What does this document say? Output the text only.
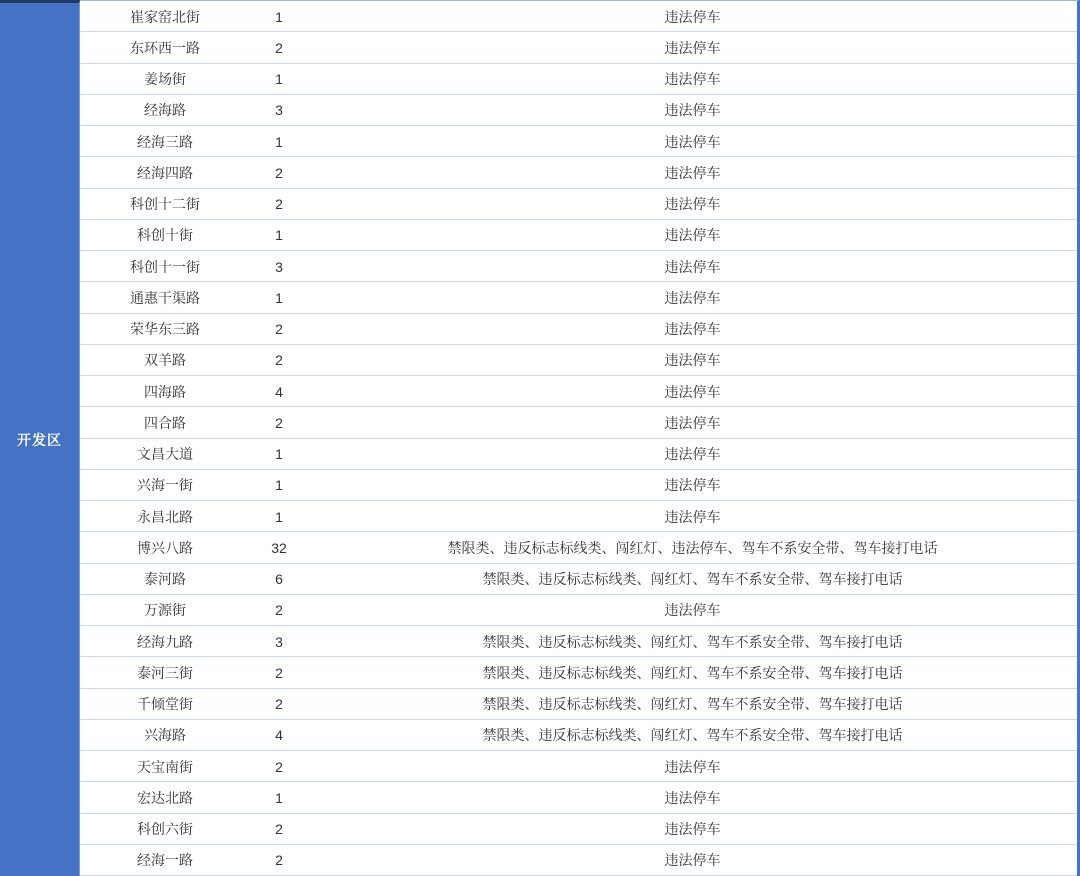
开发区
崔家窑北街	1	违法停车
东环西一路	2	违法停车
姜场街	1	违法停车
经海路	3	违法停车
经海三路	1	违法停车
经海四路	2	违法停车
科创十二街	2	违法停车
科创十街	1	违法停车
科创十一街	3	违法停车
通惠干渠路	1	违法停车
荣华东三路	2	违法停车
双羊路	2	违法停车
四海路	4	违法停车
四合路	2	违法停车
文昌大道	1	违法停车
兴海一街	1	违法停车
永昌北路	1	违法停车
博兴八路	32	禁限类、违反标志标线类、闯红灯、违法停车、驾车不系安全带、驾车接打电话
泰河路	6	禁限类、违反标志标线类、闯红灯、驾车不系安全带、驾车接打电话
万源街	2	违法停车
经海九路	3	禁限类、违反标志标线类、闯红灯、驾车不系安全带、驾车接打电话
泰河三街	2	禁限类、违反标志标线类、闯红灯、驾车不系安全带、驾车接打电话
千倾堂街	2	禁限类、违反标志标线类、闯红灯、驾车不系安全带、驾车接打电话
兴海路	4	禁限类、违反标志标线类、闯红灯、驾车不系安全带、驾车接打电话
天宝南街	2	违法停车
宏达北路	1	违法停车
科创六街	2	违法停车
经海一路	2	违法停车
